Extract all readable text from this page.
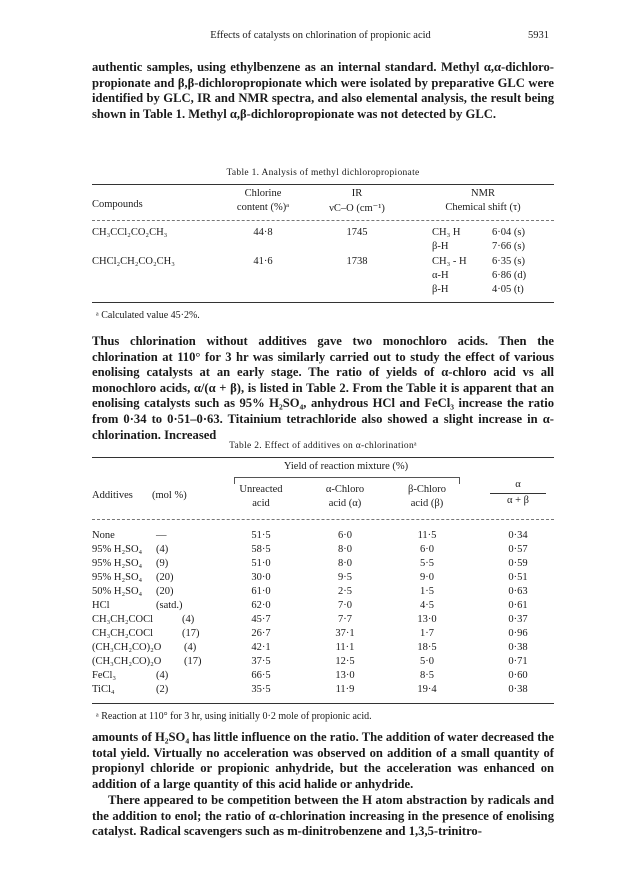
Effects of catalysts on chlorination of propionic acid	5931

authentic samples, using ethylbenzene as an internal standard. Methyl α,α-dichloro-propionate and β,β-dichloropropionate which were isolated by preparative GLC were identified by GLC, IR and NMR spectra, and also elemental analysis, the result being shown in Table 1. Methyl α,β-dichloropropionate was not detected by GLC.

Table 1. Analysis of methyl dichloropropionate
Compounds
Chlorine
content (%)ᵃ
IR
νC–O (cm⁻¹)
NMR
Chemical shift (τ)
CH₃CCl₂CO₂CH₃	44·8	1745	CH₃ H	6·04 (s)
β-H	7·66 (s)
CHCl₂CH₂CO₂CH₃	41·6	1738	CH₃ - H 6·35 (s)
α-H	6·86 (d)
β-H	4·05 (t)
ᵃ Calculated value 45·2%.

Thus chlorination without additives gave two monochloro acids. Then the chlorination at 110° for 3 hr was similarly carried out to study the effect of various enolising catalysts at an early stage. The ratio of yields of α-chloro acid vs all monochloro acids, α/(α + β), is listed in Table 2. From the Table it is apparent that an enolising catalysts such as 95% H₂SO₄, anhydrous HCl and FeCl₃ increase the ratio from 0·34 to 0·51–0·63. Titainium tetrachloride also showed a slight increase in α-chlorination. Increased

Table 2. Effect of additives on α-chlorinationᵃ
Yield of reaction mixture (%)
Additives (mol %)
Unreacted
acid
α-Chloro
acid (α)
β-Chloro
acid (β)
α
α + β
None	—	51·5	6·0	11·5	0·34
95% H₂SO₄ (4)	58·5	8·0	6·0	0·57
95% H₂SO₄ (9)	51·0	8·0	5·5	0·59
95% H₂SO₄ (20)	30·0	9·5	9·0	0·51
50% H₂SO₄ (20)	61·0	2·5	1·5	0·63
HCl	(satd.)	62·0	7·0	4·5	0·61
CH₃CH₂COCl	(4)	45·7	7·7	13·0	0·37
CH₃CH₂COCl	(17)	26·7	37·1	1·7	0·96
(CH₃CH₂CO)₂O (4)	42·1	11·1	18·5	0·38
(CH₃CH₂CO)₂O (17)	37·5	12·5	5·0	0·71
FeCl₃	(4)	66·5	13·0	8·5	0·60
TiCl₄	(2)	35·5	11·9	19·4	0·38
ᵃ Reaction at 110° for 3 hr, using initially 0·2 mole of propionic acid.

amounts of H₂SO₄ has little influence on the ratio. The addition of water decreased the total yield. Virtually no acceleration was observed on addition of a small quantity of propionyl chloride or propionic anhydride, but the acceleration was enhanced on addition of a large quantity of this acid halide or anhydride.

There appeared to be competition between the H atom abstraction by radicals and the addition to enol; the ratio of α-chlorination increasing in the presence of enolising catalyst. Radical scavengers such as m-dinitrobenzene and 1,3,5-trinitro-
